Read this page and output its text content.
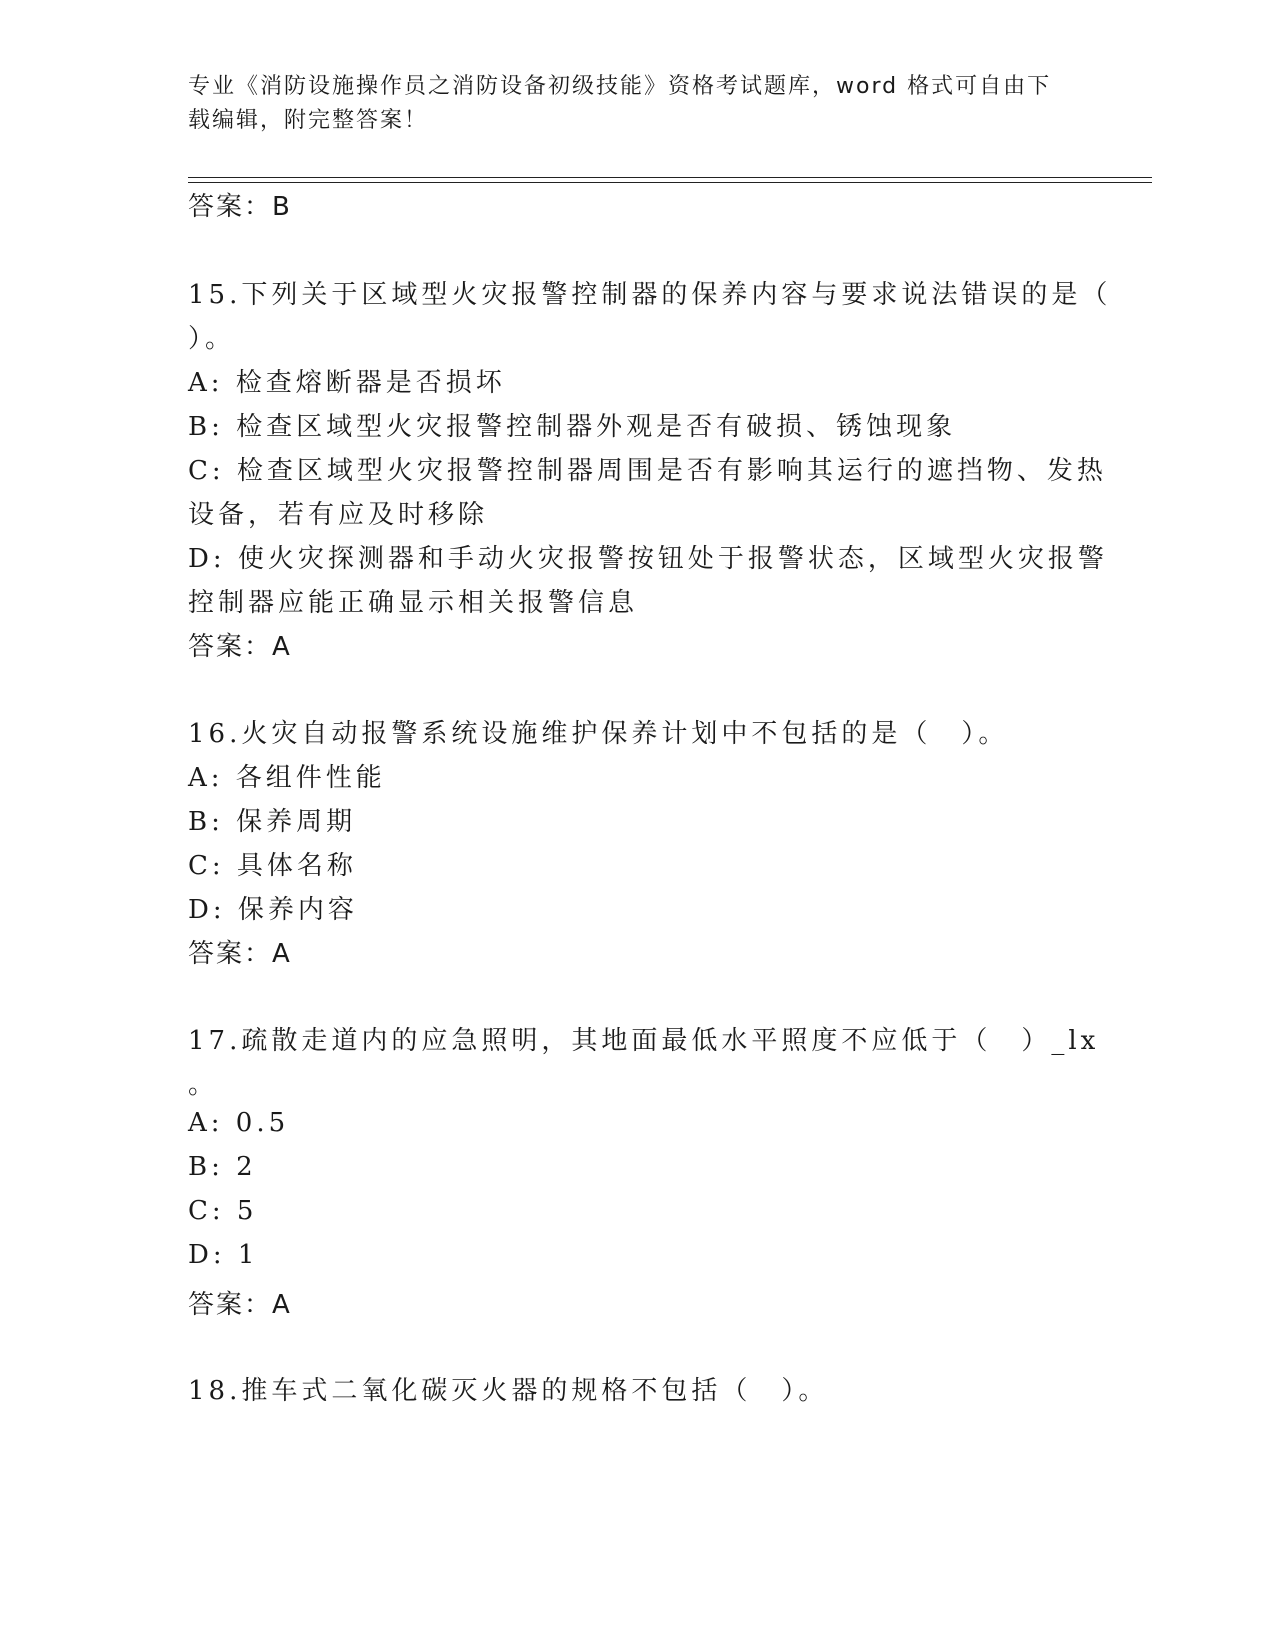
专业《消防设施操作员之消防设备初级技能》资格考试题库，word 格式可自由下
载编辑，附完整答案！
答案：B
15.下列关于区域型火灾报警控制器的保养内容与要求说法错误的是（
）。
A: 检查熔断器是否损坏
B: 检查区域型火灾报警控制器外观是否有破损、锈蚀现象
C: 检查区域型火灾报警控制器周围是否有影响其运行的遮挡物、发热
设备，若有应及时移除
D: 使火灾探测器和手动火灾报警按钮处于报警状态，区域型火灾报警
控制器应能正确显示相关报警信息
答案：A
16.火灾自动报警系统设施维护保养计划中不包括的是（　）。
A: 各组件性能
B: 保养周期
C: 具体名称
D: 保养内容
答案：A
17.疏散走道内的应急照明，其地面最低水平照度不应低于（　）_lx
。
A: 0.5
B: 2
C: 5
D: 1
答案：A
18.推车式二氧化碳灭火器的规格不包括（　）。
